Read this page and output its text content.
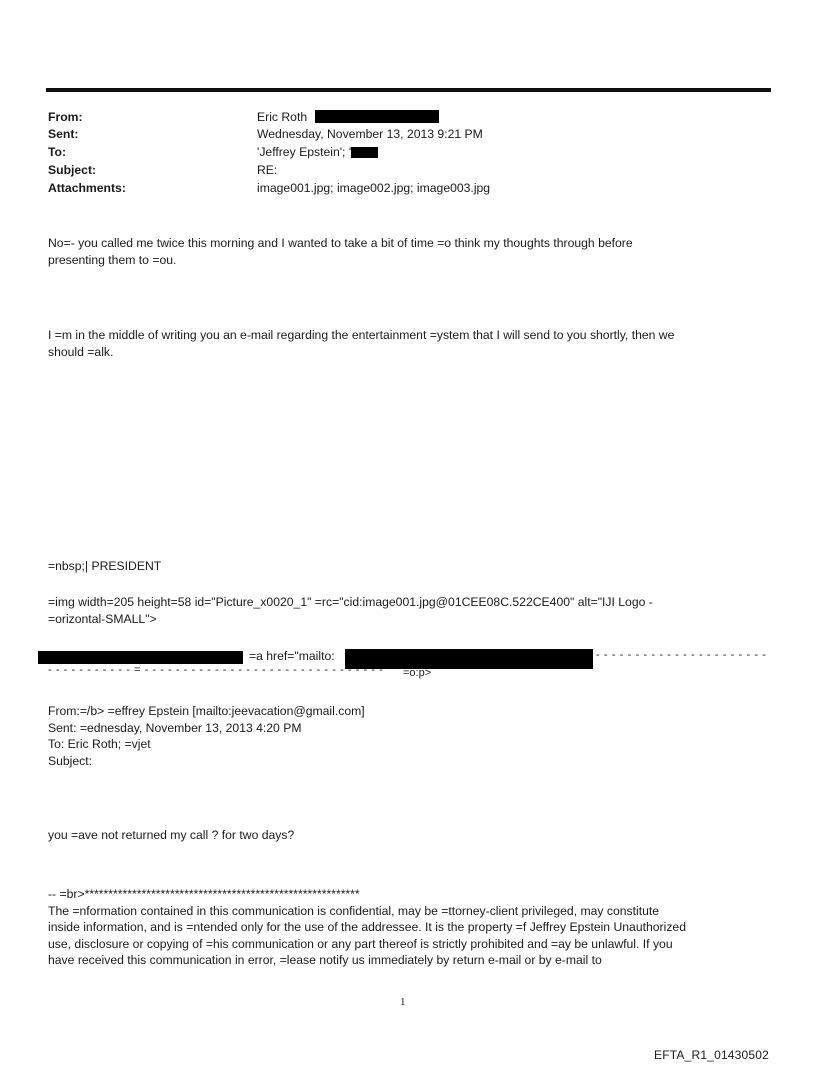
From:	Eric Roth
Sent:	Wednesday, November 13, 2013 9:21 PM
To:	'Jeffrey Epstein'; '
Subject:	RE:
Attachments:	image001.jpg; image002.jpg; image003.jpg
No=- you called me twice this morning and I wanted to take a bit of time =o think my thoughts through before
presenting them to =ou.
I =m in the middle of writing you an e-mail regarding the entertainment =ystem that I will send to you shortly, then we
should =alk.
=nbsp;| PRESIDENT
=img width=205 height=58 id="Picture_x0020_1" =rc="cid:image001.jpg@01CEE08C.522CE400" alt="IJI Logo -
=orizontal-SMALL">
=a href="mailto:	- - - - - - - - - - - - - - - - - - - - - -
- - - - - - - - - - - = - - - - - - - - - - - - - - - - - - - - - - - - - - - - - - - =o:p>
From:=/b> =effrey Epstein [mailto:jeevacation@gmail.com]
Sent: =ednesday, November 13, 2013 4:20 PM
To: Eric Roth; =vjet
Subject:
you =ave not returned my call ? for two days?
-- =br>**********************************************************
The =nformation contained in this communication is confidential, may be =ttorney-client privileged, may constitute
inside information, and is =ntended only for the use of the addressee. It is the property =f Jeffrey Epstein Unauthorized
use, disclosure or copying of =his communication or any part thereof is strictly prohibited and =ay be unlawful. If you
have received this communication in error, =lease notify us immediately by return e-mail or by e-mail to
1
EFTA_R1_01430502
